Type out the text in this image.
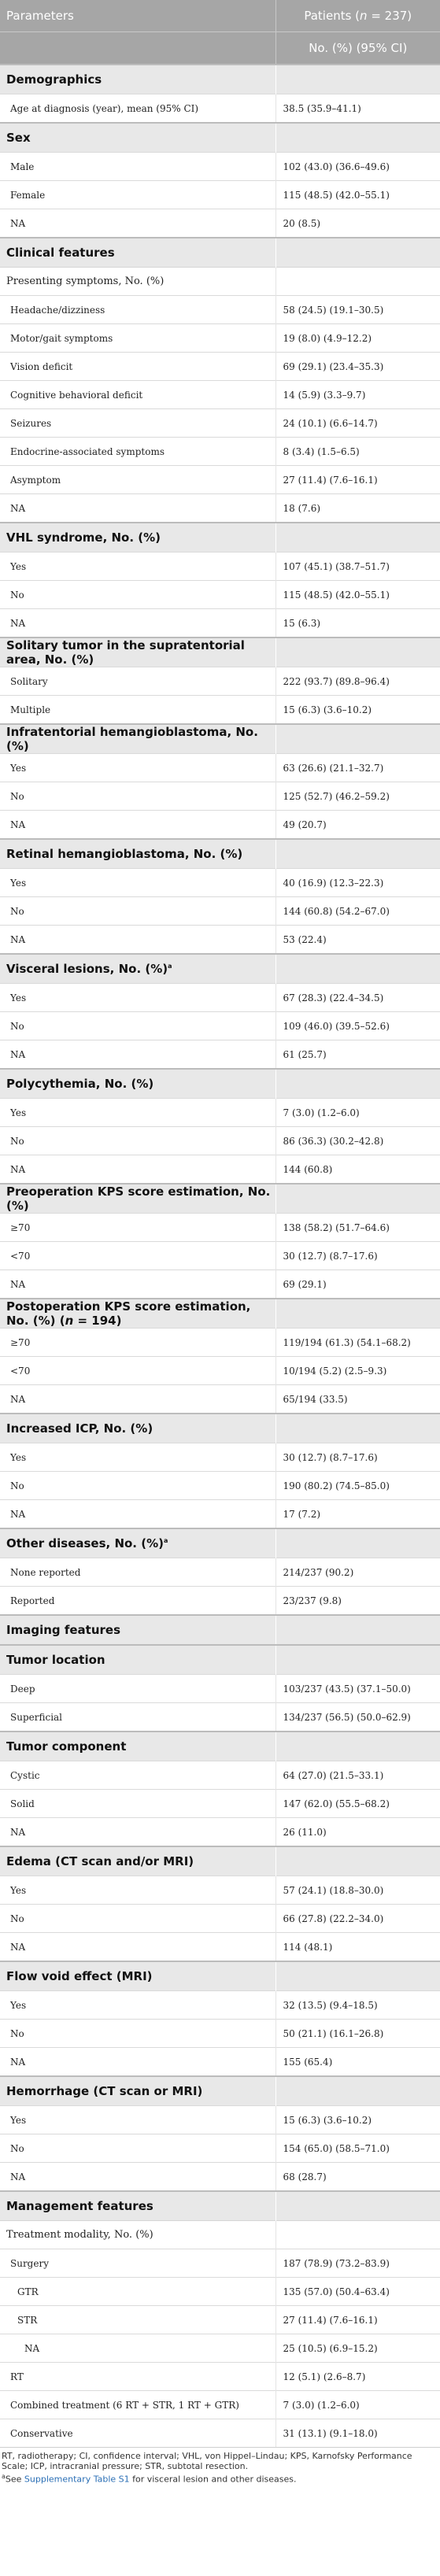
Parameters	Patients (n = 237)
	No. (%) (95% CI)
Demographics	
Age at diagnosis (year), mean (95% CI)	38.5 (35.9–41.1)
Sex	
Male	102 (43.0) (36.6–49.6)
Female	115 (48.5) (42.0–55.1)
NA	20 (8.5)
Clinical features	
Presenting symptoms, No. (%)	
Headache/dizziness	58 (24.5) (19.1–30.5)
Motor/gait symptoms	19 (8.0) (4.9–12.2)
Vision deficit	69 (29.1) (23.4–35.3)
Cognitive behavioral deficit	14 (5.9) (3.3–9.7)
Seizures	24 (10.1) (6.6–14.7)
Endocrine-associated symptoms	8 (3.4) (1.5–6.5)
Asymptom	27 (11.4) (7.6–16.1)
NA	18 (7.6)
VHL syndrome, No. (%)	
Yes	107 (45.1) (38.7–51.7)
No	115 (48.5) (42.0–55.1)
NA	15 (6.3)
Solitary tumor in the supratentorial area, No. (%)	
Solitary	222 (93.7) (89.8–96.4)
Multiple	15 (6.3) (3.6–10.2)
Infratentorial hemangioblastoma, No. (%)	
Yes	63 (26.6) (21.1–32.7)
No	125 (52.7) (46.2–59.2)
NA	49 (20.7)
Retinal hemangioblastoma, No. (%)	
Yes	40 (16.9) (12.3–22.3)
No	144 (60.8) (54.2–67.0)
NA	53 (22.4)
Visceral lesions, No. (%)$^a$	
Yes	67 (28.3) (22.4–34.5)
No	109 (46.0) (39.5–52.6)
NA	61 (25.7)
Polycythemia, No. (%)	
Yes	7 (3.0) (1.2–6.0)
No	86 (36.3) (30.2–42.8)
NA	144 (60.8)
Preoperation KPS score estimation, No. (%)	
≥70	138 (58.2) (51.7–64.6)
<70	30 (12.7) (8.7–17.6)
NA	69 (29.1)
Postoperation KPS score estimation, No. (%) (n = 194)	
≥70	119/194 (61.3) (54.1–68.2)
<70	10/194 (5.2) (2.5–9.3)
NA	65/194 (33.5)
Increased ICP, No. (%)	
Yes	30 (12.7) (8.7–17.6)
No	190 (80.2) (74.5–85.0)
NA	17 (7.2)
Other diseases, No. (%)$^a$	
None reported	214/237 (90.2)
Reported	23/237 (9.8)
Imaging features	
Tumor location	
Deep	103/237 (43.5) (37.1–50.0)
Superficial	134/237 (56.5) (50.0–62.9)
Tumor component	
Cystic	64 (27.0) (21.5–33.1)
Solid	147 (62.0) (55.5–68.2)
NA	26 (11.0)
Edema (CT scan and/or MRI)	
Yes	57 (24.1) (18.8–30.0)
No	66 (27.8) (22.2–34.0)
NA	114 (48.1)
Flow void effect (MRI)	
Yes	32 (13.5) (9.4–18.5)
No	50 (21.1) (16.1–26.8)
NA	155 (65.4)
Hemorrhage (CT scan or MRI)	
Yes	15 (6.3) (3.6–10.2)
No	154 (65.0) (58.5–71.0)
NA	68 (28.7)
Management features	
Treatment modality, No. (%)	
Surgery	187 (78.9) (73.2–83.9)
GTR	135 (57.0) (50.4–63.4)
STR	27 (11.4) (7.6–16.1)
NA	25 (10.5) (6.9–15.2)
RT	12 (5.1) (2.6–8.7)
Combined treatment (6 RT + STR, 1 RT + GTR)	7 (3.0) (1.2–6.0)
Conservative	31 (13.1) (9.1–18.0)
RT, radiotherapy; CI, confidence interval; VHL, von Hippel–Lindau; KPS, Karnofsky Performance Scale; ICP, intracranial pressure; STR, subtotal resection.
$^a$See Supplementary Table S1 for visceral lesion and other diseases.
